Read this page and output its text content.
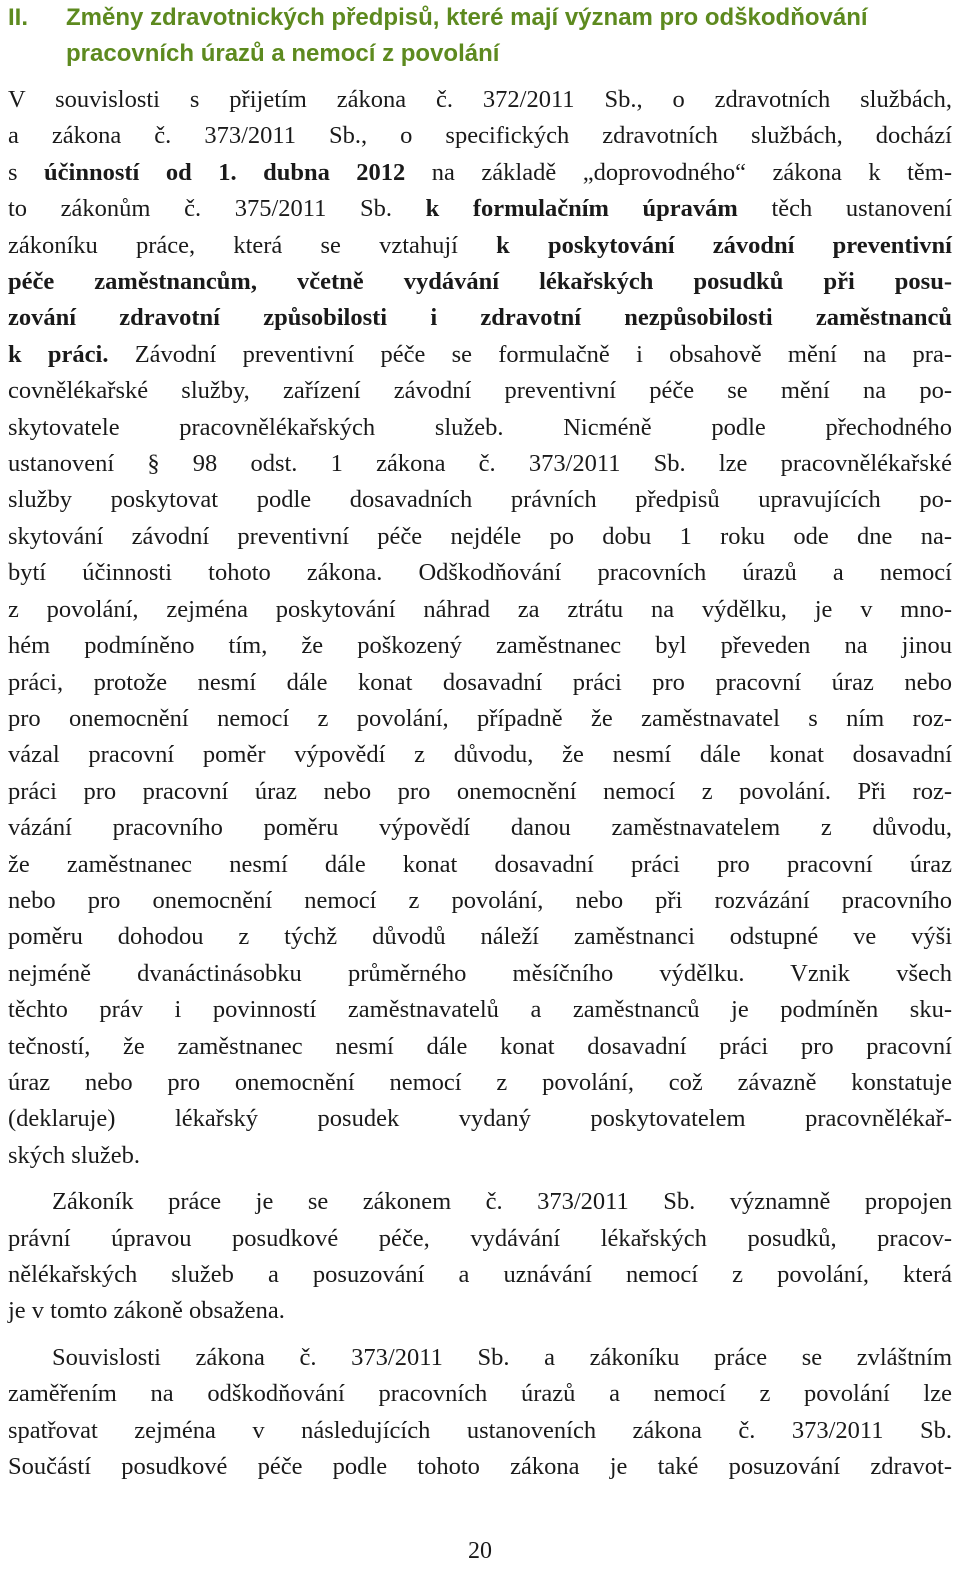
II. Změny zdravotnických předpisů, které mají význam pro odškodňování
pracovních úrazů a nemocí z povolání

V souvislosti s přijetím zákona č. 372/2011 Sb., o zdravotních službách,

a zákona č. 373/2011 Sb., o specifických zdravotních službách, dochází

s účinností od 1. dubna 2012 na základě „doprovodného“ zákona k těm-

to zákonům č. 375/2011 Sb. k formulačním úpravám těch ustanovení

zákoníku práce, která se vztahují k poskytování závodní preventivní

péče zaměstnancům, včetně vydávání lékařských posudků při posu-

zování zdravotní způsobilosti i zdravotní nezpůsobilosti zaměstnanců

k práci. Závodní preventivní péče se formulačně i obsahově mění na pra-

covnělékařské služby, zařízení závodní preventivní péče se mění na po-

skytovatele pracovnělékařských služeb. Nicméně podle přechodného

ustanovení § 98 odst. 1 zákona č. 373/2011 Sb. lze pracovnělékařské

služby poskytovat podle dosavadních právních předpisů upravujících po-

skytování závodní preventivní péče nejdéle po dobu 1 roku ode dne na-

bytí účinnosti tohoto zákona. Odškodňování pracovních úrazů a nemocí

z povolání, zejména poskytování náhrad za ztrátu na výdělku, je v mno-

hém podmíněno tím, že poškozený zaměstnanec byl převeden na jinou

práci, protože nesmí dále konat dosavadní práci pro pracovní úraz nebo

pro onemocnění nemocí z povolání, případně že zaměstnavatel s ním roz-

vázal pracovní poměr výpovědí z důvodu, že nesmí dále konat dosavadní

práci pro pracovní úraz nebo pro onemocnění nemocí z povolání. Při roz-

vázání pracovního poměru výpovědí danou zaměstnavatelem z důvodu,

že zaměstnanec nesmí dále konat dosavadní práci pro pracovní úraz

nebo pro onemocnění nemocí z povolání, nebo při rozvázání pracovního

poměru dohodou z týchž důvodů náleží zaměstnanci odstupné ve výši

nejméně dvanáctinásobku průměrného měsíčního výdělku. Vznik všech

těchto práv i povinností zaměstnavatelů a zaměstnanců je podmíněn sku-

tečností, že zaměstnanec nesmí dále konat dosavadní práci pro pracovní

úraz nebo pro onemocnění nemocí z povolání, což závazně konstatuje

(deklaruje) lékařský posudek vydaný poskytovatelem pracovnělékař-

ských služeb.

Zákoník práce je se zákonem č. 373/2011 Sb. významně propojen

právní úpravou posudkové péče, vydávání lékařských posudků, pracov-

nělékařských služeb a posuzování a uznávání nemocí z povolání, která

je v tomto zákoně obsažena.

Souvislosti zákona č. 373/2011 Sb. a zákoníku práce se zvláštním

zaměřením na odškodňování pracovních úrazů a nemocí z povolání lze

spatřovat zejména v následujících ustanoveních zákona č. 373/2011 Sb.

Součástí posudkové péče podle tohoto zákona je také posuzování zdravot-

20
